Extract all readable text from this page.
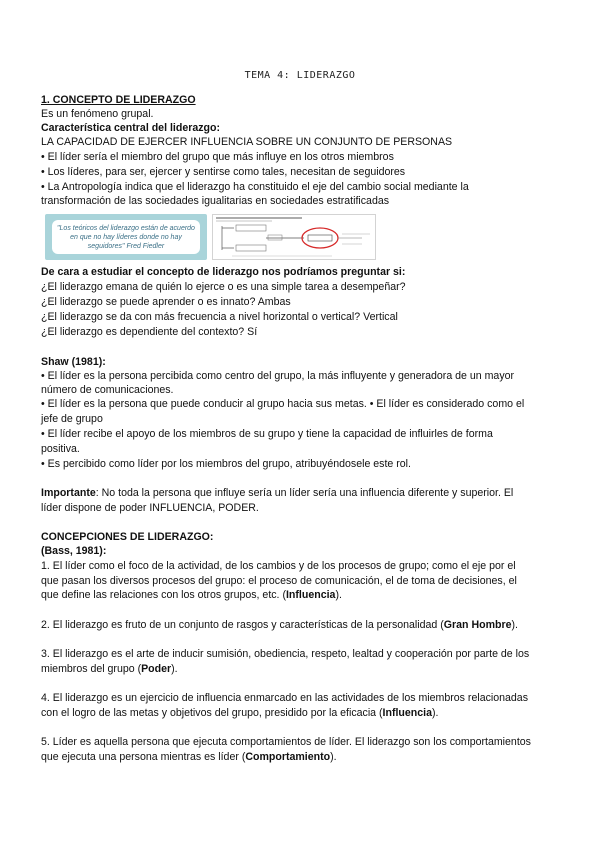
TEMA 4: LIDERAZGO
1. CONCEPTO DE LIDERAZGO
Es un fenómeno grupal.
Característica central del liderazgo:
LA CAPACIDAD DE EJERCER INFLUENCIA SOBRE UN CONJUNTO DE PERSONAS
• El líder sería el miembro del grupo que más influye en los otros miembros
• Los líderes, para ser, ejercer y sentirse como tales, necesitan de seguidores
• La Antropología indica que el liderazgo ha constituido el eje del cambio social mediante la
transformación de las sociedades igualitarias en sociedades estratificadas
"Los teóricos del liderazgo están de acuerdo en que no hay líderes donde no hay seguidores" Fred Fiedler
De cara a estudiar el concepto de liderazgo nos podríamos preguntar si:
¿El liderazgo emana de quién lo ejerce o es una simple tarea a desempeñar?
¿El liderazgo se puede aprender o es innato? Ambas
¿El liderazgo se da con más frecuencia a nivel horizontal o vertical? Vertical
¿El liderazgo es dependiente del contexto? Sí
Shaw (1981):
• El líder es la persona percibida como centro del grupo, la más influyente y generadora de un mayor
número de comunicaciones.
• El líder es la persona que puede conducir al grupo hacia sus metas. • El líder es considerado como el
jefe de grupo
• El líder recibe el apoyo de los miembros de su grupo y tiene la capacidad de influirles de forma
positiva.
• Es percibido como líder por los miembros del grupo, atribuyéndosele este rol.
Importante: No toda la persona que influye sería un líder sería una influencia diferente y superior. El
líder dispone de poder INFLUENCIA, PODER.
CONCEPCIONES DE LIDERAZGO:
(Bass, 1981):
1. El líder como el foco de la actividad, de los cambios y de los procesos de grupo; como el eje por el
que pasan los diversos procesos del grupo: el proceso de comunicación, el de toma de decisiones, el
que define las relaciones con los otros grupos, etc. (Influencia).
2. El liderazgo es fruto de un conjunto de rasgos y características de la personalidad (Gran Hombre).
3. El liderazgo es el arte de inducir sumisión, obediencia, respeto, lealtad y cooperación por parte de los
miembros del grupo (Poder).
4. El liderazgo es un ejercicio de influencia enmarcado en las actividades de los miembros relacionadas
con el logro de las metas y objetivos del grupo, presidido por la eficacia (Influencia).
5. Líder es aquella persona que ejecuta comportamientos de líder. El liderazgo son los comportamientos
que ejecuta una persona mientras es líder (Comportamiento).
